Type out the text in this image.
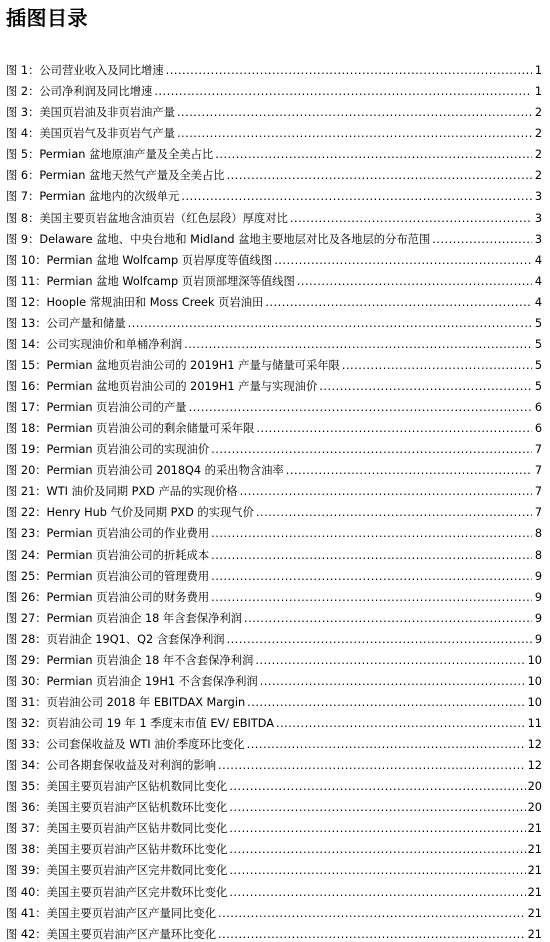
插图目录
图 1：公司营业收入及同比增速 .....	1
图 2：公司净利润及同比增速 .....	1
图 3：美国页岩油及非页岩油产量 .....	2
图 4：美国页岩气及非页岩气产量 .....	2
图 5：Permian 盆地原油产量及全美占比 .....	2
图 6：Permian 盆地天然气产量及全美占比 .....	2
图 7：Permian 盆地内的次级单元 .....	3
图 8：美国主要页岩盆地含油页岩（红色层段）厚度对比 .....	3
图 9：Delaware 盆地、中央台地和 Midland 盆地主要地层对比及各地层的分布范围 .....	3
图 10：Permian 盆地 Wolfcamp 页岩厚度等值线图 .....	4
图 11：Permian 盆地 Wolfcamp 页岩顶部埋深等值线图 .....	4
图 12：Hoople 常规油田和 Moss Creek 页岩油田 .....	4
图 13：公司产量和储量 .....	5
图 14：公司实现油价和单桶净利润 .....	5
图 15：Permian 盆地页岩油公司的 2019H1 产量与储量可采年限 .....	5
图 16：Permian 盆地页岩油公司的 2019H1 产量与实现油价 .....	5
图 17：Permian 页岩油公司的产量 .....	6
图 18：Permian 页岩油公司的剩余储量可采年限 .....	6
图 19：Permian 页岩油公司的实现油价 .....	7
图 20：Permian 页岩油公司 2018Q4 的采出物含油率 .....	7
图 21：WTI 油价及同期 PXD 产品的实现价格 .....	7
图 22：Henry Hub 气价及同期 PXD 的实现气价 .....	7
图 23：Permian 页岩油公司的作业费用 .....	8
图 24：Permian 页岩油公司的折耗成本 .....	8
图 25：Permian 页岩油公司的管理费用 .....	9
图 26：Permian 页岩油公司的财务费用 .....	9
图 27：Permian 页岩油企 18 年含套保净利润 .....	9
图 28：页岩油企 19Q1、Q2 含套保净利润 .....	9
图 29：Permian 页岩油企 18 年不含套保净利润 .....	10
图 30：Permian 页岩油企 19H1 不含套保净利润 .....	10
图 31：页岩油公司 2018 年 EBITDAX Margin .....	10
图 32：页岩油公司 19 年 1 季度末市值 EV/ EBITDA .....	11
图 33：公司套保收益及 WTI 油价季度环比变化 .....	12
图 34：公司各期套保收益及对利润的影响 .....	12
图 35：美国主要页岩油产区钻机数同比变化 .....	20
图 36：美国主要页岩油产区钻机数环比变化 .....	20
图 37：美国主要页岩油产区钻井数同比变化 .....	21
图 38：美国主要页岩油产区钻井数环比变化 .....	21
图 39：美国主要页岩油产区完井数同比变化 .....	21
图 40：美国主要页岩油产区完井数环比变化 .....	21
图 41：美国主要页岩油产区产量同比变化 .....	21
图 42：美国主要页岩油产区产量环比变化 .....	21
